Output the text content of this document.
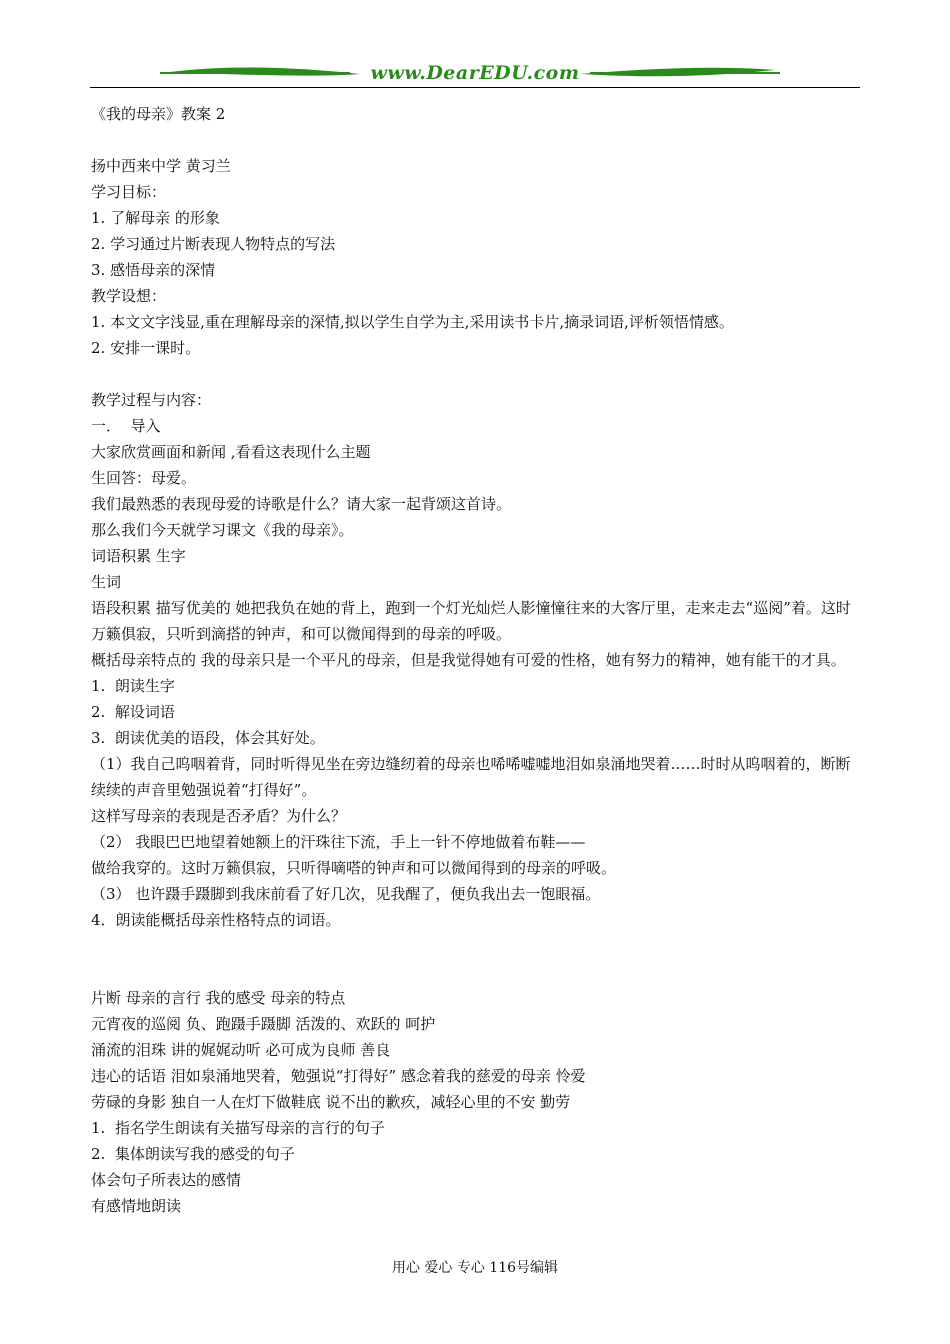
www.DearEDU.com
《我的母亲》教案 2
扬中西来中学 黄习兰
学习目标：
1. 了解母亲 的形象
2. 学习通过片断表现人物特点的写法
3. 感悟母亲的深情
教学设想：
1. 本文文字浅显,重在理解母亲的深情,拟以学生自学为主,采用读书卡片,摘录词语,评析领悟情感。
2. 安排一课时。
教学过程与内容：
一．  导入
大家欣赏画面和新闻 ,看看这表现什么主题
生回答：母爱。
我们最熟悉的表现母爱的诗歌是什么？请大家一起背颂这首诗。
那么我们今天就学习课文《我的母亲》。
词语积累 生字
生词
语段积累 描写优美的 她把我负在她的背上，跑到一个灯光灿烂人影憧憧往来的大客厅里，走来走去“巡阅”着。这时万籁俱寂，只听到滴搭的钟声，和可以微闻得到的母亲的呼吸。
概括母亲特点的 我的母亲只是一个平凡的母亲，但是我觉得她有可爱的性格，她有努力的精神，她有能干的才具。
1.  朗读生字
2.  解设词语
3.  朗读优美的语段，体会其好处。
（1）我自己呜咽着背，同时听得见坐在旁边缝纫着的母亲也唏唏嘘嘘地泪如泉涌地哭着……时时从呜咽着的，断断续续的声音里勉强说着“打得好”。
这样写母亲的表现是否矛盾？为什么？
（2） 我眼巴巴地望着她额上的汗珠往下流，手上一针不停地做着布鞋——
做给我穿的。这时万籁俱寂，只听得嘀嗒的钟声和可以微闻得到的母亲的呼吸。
（3） 也许蹑手蹑脚到我床前看了好几次，见我醒了，便负我出去一饱眼福。
4．朗读能概括母亲性格特点的词语。
片断 母亲的言行 我的感受 母亲的特点
元宵夜的巡阅 负、跑蹑手蹑脚 活泼的、欢跃的 呵护
涌流的泪珠 讲的娓娓动听 必可成为良师 善良
违心的话语 泪如泉涌地哭着，勉强说“打得好” 感念着我的慈爱的母亲 怜爱
劳碌的身影 独自一人在灯下做鞋底 说不出的歉疚，减轻心里的不安 勤劳
1.  指名学生朗读有关描写母亲的言行的句子
2.  集体朗读写我的感受的句子
体会句子所表达的感情
有感情地朗读
用心 爱心 专心 116号编辑
